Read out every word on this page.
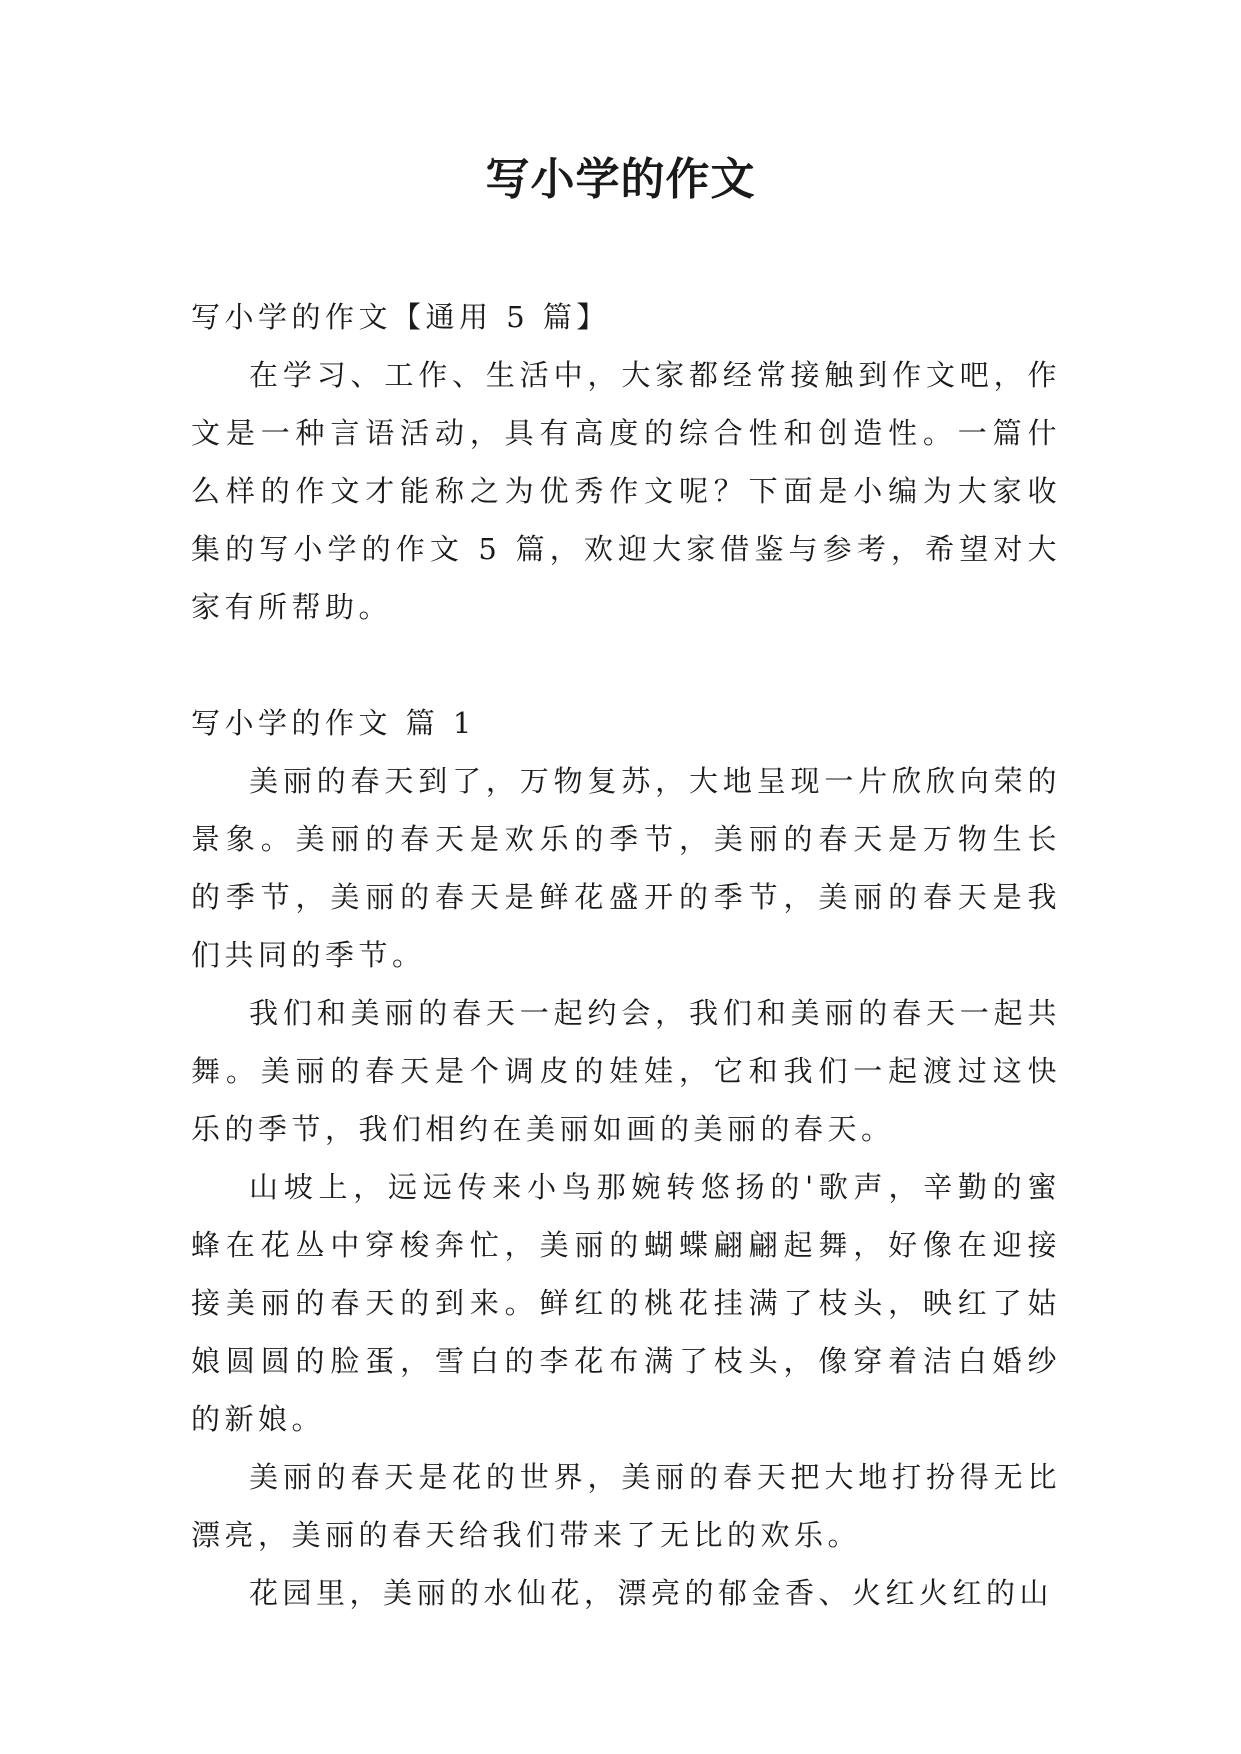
写小学的作文

写小学的作文【通用 5 篇】

在学习、工作、生活中，大家都经常接触到作文吧，作文是一种言语活动，具有高度的综合性和创造性。一篇什么样的作文才能称之为优秀作文呢？下面是小编为大家收集的写小学的作文 5 篇，欢迎大家借鉴与参考，希望对大家有所帮助。

写小学的作文 篇 1

美丽的春天到了，万物复苏，大地呈现一片欣欣向荣的景象。美丽的春天是欢乐的季节，美丽的春天是万物生长的季节，美丽的春天是鲜花盛开的季节，美丽的春天是我们共同的季节。

我们和美丽的春天一起约会，我们和美丽的春天一起共舞。美丽的春天是个调皮的娃娃，它和我们一起渡过这快乐的季节，我们相约在美丽如画的美丽的春天。

山坡上，远远传来小鸟那婉转悠扬的'歌声，辛勤的蜜蜂在花丛中穿梭奔忙，美丽的蝴蝶翩翩起舞，好像在迎接接美丽的春天的到来。鲜红的桃花挂满了枝头，映红了姑娘圆圆的脸蛋，雪白的李花布满了枝头，像穿着洁白婚纱的新娘。

美丽的春天是花的世界，美丽的春天把大地打扮得无比漂亮，美丽的春天给我们带来了无比的欢乐。

花园里，美丽的水仙花，漂亮的郁金香、火红火红的山
